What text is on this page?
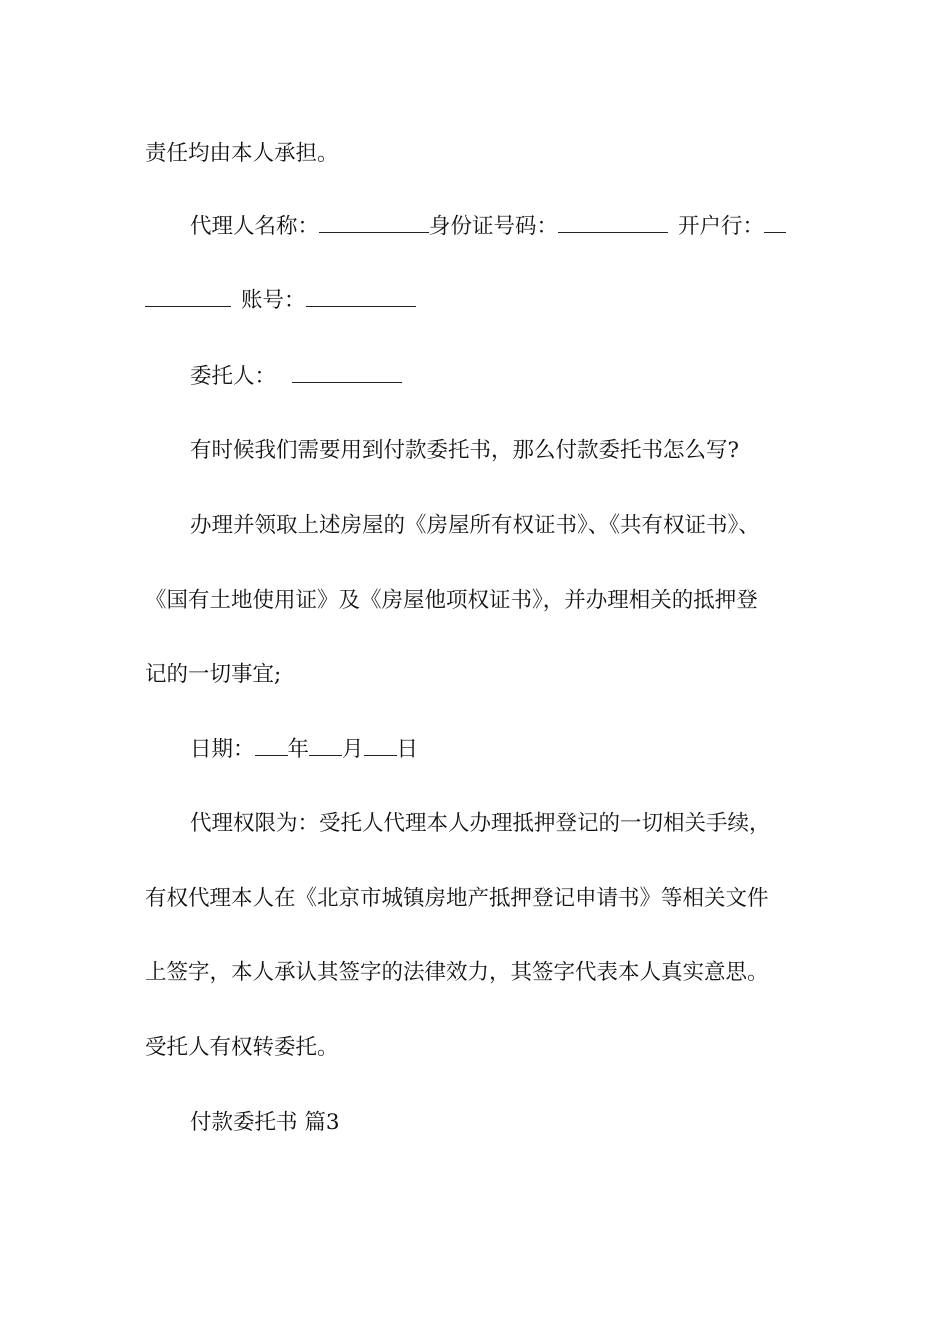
责任均由本人承担。
代理人名称：	身份证号码：	开户行：
账号：
委托人：
有时候我们需要用到付款委托书，那么付款委托书怎么写?
办理并领取上述房屋的《房屋所有权证书》、《共有权证书》、
《国有土地使用证》及《房屋他项权证书》，并办理相关的抵押登
记的一切事宜;
日期： 年 月 日
代理权限为：受托人代理本人办理抵押登记的一切相关手续，
有权代理本人在《北京市城镇房地产抵押登记申请书》等相关文件
上签字，本人承认其签字的法律效力，其签字代表本人真实意思。
受托人有权转委托。
付款委托书 篇3
